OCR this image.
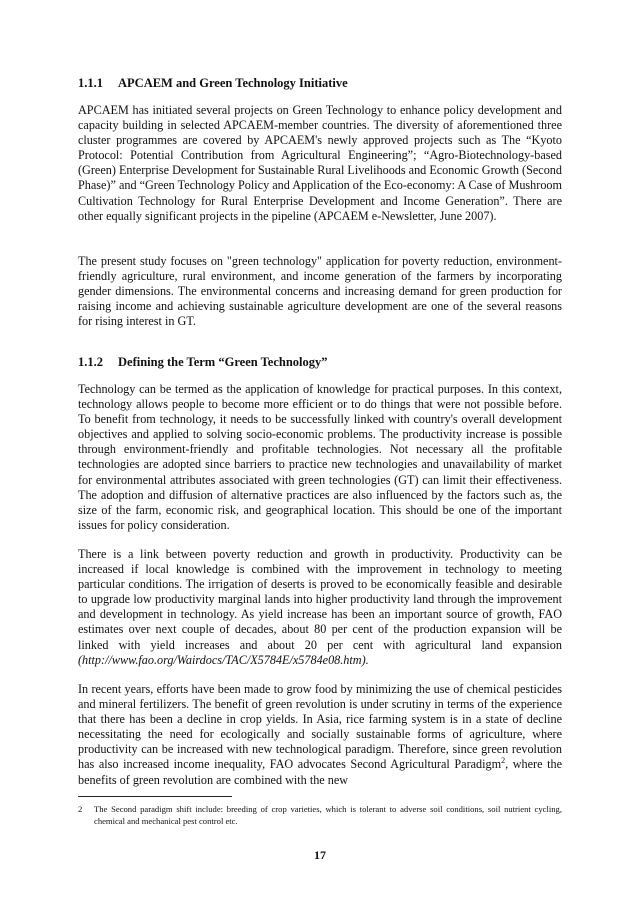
1.1.1 APCAEM and Green Technology Initiative

APCAEM has initiated several projects on Green Technology to enhance policy development and capacity building in selected APCAEM-member countries. The diversity of aforementioned three cluster programmes are covered by APCAEM's newly approved projects such as The “Kyoto Protocol: Potential Contribution from Agricultural Engineering”; “Agro-Biotechnology-based (Green) Enterprise Development for Sustainable Rural Livelihoods and Economic Growth (Second Phase)” and “Green Technology Policy and Application of the Eco-economy: A Case of Mushroom Cultivation Technology for Rural Enterprise Development and Income Generation”. There are other equally significant projects in the pipeline (APCAEM e-Newsletter, June 2007).

The present study focuses on "green technology" application for poverty reduction, environment-friendly agriculture, rural environment, and income generation of the farmers by incorporating gender dimensions. The environmental concerns and increasing demand for green production for raising income and achieving sustainable agriculture development are one of the several reasons for rising interest in GT.

1.1.2 Defining the Term “Green Technology”

Technology can be termed as the application of knowledge for practical purposes. In this context, technology allows people to become more efficient or to do things that were not possible before. To benefit from technology, it needs to be successfully linked with country's overall development objectives and applied to solving socio-economic problems. The productivity increase is possible through environment-friendly and profitable technologies. Not necessary all the profitable technologies are adopted since barriers to practice new technologies and unavailability of market for environmental attributes associated with green technologies (GT) can limit their effectiveness. The adoption and diffusion of alternative practices are also influenced by the factors such as, the size of the farm, economic risk, and geographical location. This should be one of the important issues for policy consideration.

There is a link between poverty reduction and growth in productivity. Productivity can be increased if local knowledge is combined with the improvement in technology to meeting particular conditions. The irrigation of deserts is proved to be economically feasible and desirable to upgrade low productivity marginal lands into higher productivity land through the improvement and development in technology. As yield increase has been an important source of growth, FAO estimates over next couple of decades, about 80 per cent of the production expansion will be linked with yield increases and about 20 per cent with agricultural land expansion (http://www.fao.org/Wairdocs/TAC/X5784E/x5784e08.htm).

In recent years, efforts have been made to grow food by minimizing the use of chemical pesticides and mineral fertilizers. The benefit of green revolution is under scrutiny in terms of the experience that there has been a decline in crop yields. In Asia, rice farming system is in a state of decline necessitating the need for ecologically and socially sustainable forms of agriculture, where productivity can be increased with new technological paradigm. Therefore, since green revolution has also increased income inequality, FAO advocates Second Agricultural Paradigm$^2$, where the benefits of green revolution are combined with the new

2 The Second paradigm shift include: breeding of crop varieties, which is tolerant to adverse soil conditions, soil nutrient cycling, chemical and mechanical pest control etc.
17
